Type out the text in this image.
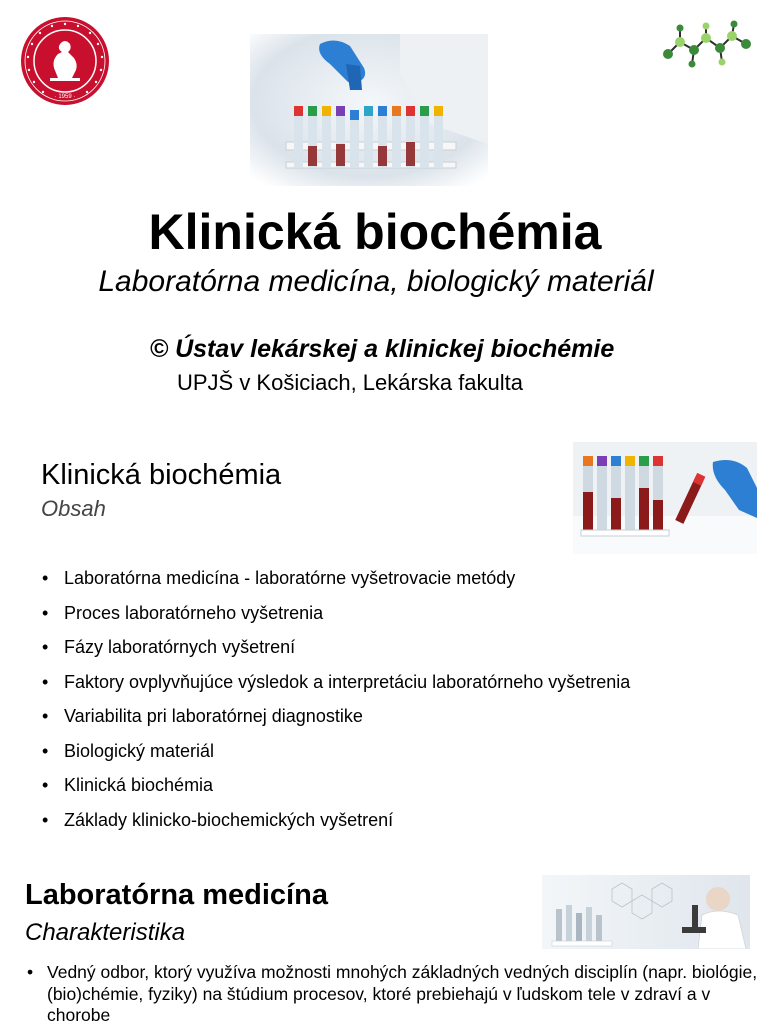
· 1959 ·
Klinická biochémia
Laboratórna medicína, biologický materiál
© Ústav lekárskej a klinickej biochémie
UPJŠ v Košiciach, Lekárska fakulta
Klinická biochémia
Obsah
• Laboratórna medicína - laboratórne vyšetrovacie metódy
• Proces laboratórneho vyšetrenia
• Fázy laboratórnych vyšetrení
• Faktory ovplyvňujúce výsledok a interpretáciu laboratórneho vyšetrenia
• Variabilita pri laboratórnej diagnostike
• Biologický materiál
• Klinická biochémia
• Základy klinicko-biochemických vyšetrení
Laboratórna medicína
Charakteristika
• Vedný odbor, ktorý využíva možnosti mnohých základných vedných disciplín (napr. biológie, (bio)chémie, fyziky) na štúdium procesov, ktoré prebiehajú v ľudskom tele v zdraví a v chorobe
